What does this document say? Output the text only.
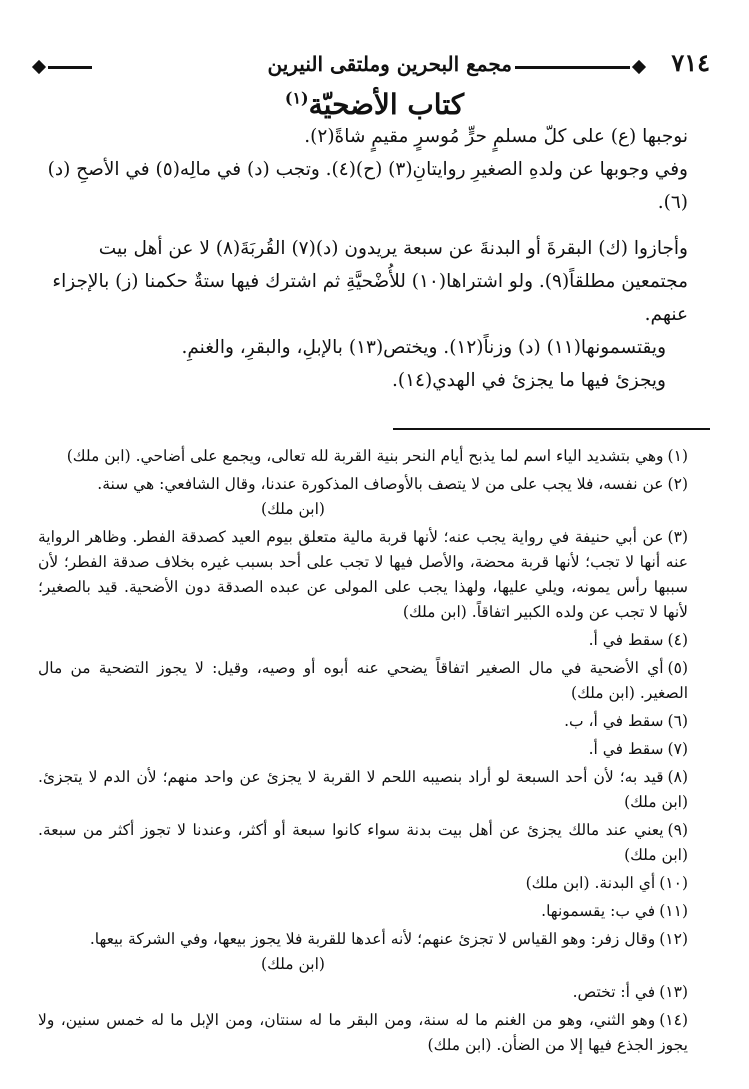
٧١٤
مجمع البحرين وملتقى النيرين
كتاب الأضحيّة$^{(١)}$

نوجبها (ع) على كلّ مسلمٍ حرٍّ مُوسرٍ مقيمٍ شاةً(٢).

وفي وجوبها عن ولدهِ الصغيرِ روايتانِ(٣) (ح)(٤). وتجب (د) في مالِه(٥) في الأصحِ (د)(٦).

وأجازوا (ك) البقرةَ أو البدنةَ عن سبعة يريدون (د)(٧) القُربَةَ(٨) لا عن أهل بيت مجتمعين مطلقاً(٩). ولو اشتراها(١٠) للأُضْحيَّةِ ثم اشترك فيها ستةٌ حكمنا (ز) بالإجزاء عنهم.

ويقتسمونها(١١) (د) وزناً(١٢). ويختص(١٣) بالإبلِ، والبقرِ، والغنمِ.

ويجزئ فيها ما يجزئ في الهدي(١٤).

(١)وهي بتشديد الياء اسم لما يذبح أيام النحر بنية القربة لله تعالى، ويجمع على أضاحي. (ابن ملك)

(٢)عن نفسه، فلا يجب على من لا يتصف بالأوصاف المذكورة عندنا، وقال الشافعي: هي سنة.
(ابن ملك)

(٣)عن أبي حنيفة في رواية يجب عنه؛ لأنها قربة مالية متعلق بيوم العيد كصدقة الفطر. وظاهر الرواية عنه أنها لا تجب؛ لأنها قربة محضة، والأصل فيها لا تجب على أحد بسبب غيره بخلاف صدقة الفطر؛ لأن سببها رأس يمونه، ويلي عليها، ولهذا يجب على المولى عن عبده الصدقة دون الأضحية. قيد بالصغير؛ لأنها لا تجب عن ولده الكبير اتفاقاً. (ابن ملك)

(٤)سقط في أ.

(٥)أي الأضحية في مال الصغير اتفاقاً يضحي عنه أبوه أو وصيه، وقيل: لا يجوز التضحية من مال الصغير. (ابن ملك)

(٦)سقط في أ، ب.

(٧)سقط في أ.

(٨)قيد به؛ لأن أحد السبعة لو أراد بنصيبه اللحم لا القربة لا يجزئ عن واحد منهم؛ لأن الدم لا يتجزئ. (ابن ملك)

(٩)يعني عند مالك يجزئ عن أهل بيت بدنة سواء كانوا سبعة أو أكثر، وعندنا لا تجوز أكثر من سبعة. (ابن ملك)

(١٠)أي البدنة. (ابن ملك)

(١١)في ب: يقسمونها.

(١٢)وقال زفر: وهو القياس لا تجزئ عنهم؛ لأنه أعدها للقربة فلا يجوز بيعها، وفي الشركة بيعها.
(ابن ملك)

(١٣)في أ: تختص.

(١٤)وهو الثني، وهو من الغنم ما له سنة، ومن البقر ما له سنتان، ومن الإبل ما له خمس سنين، ولا يجوز الجذع فيها إلا من الضأن. (ابن ملك)
